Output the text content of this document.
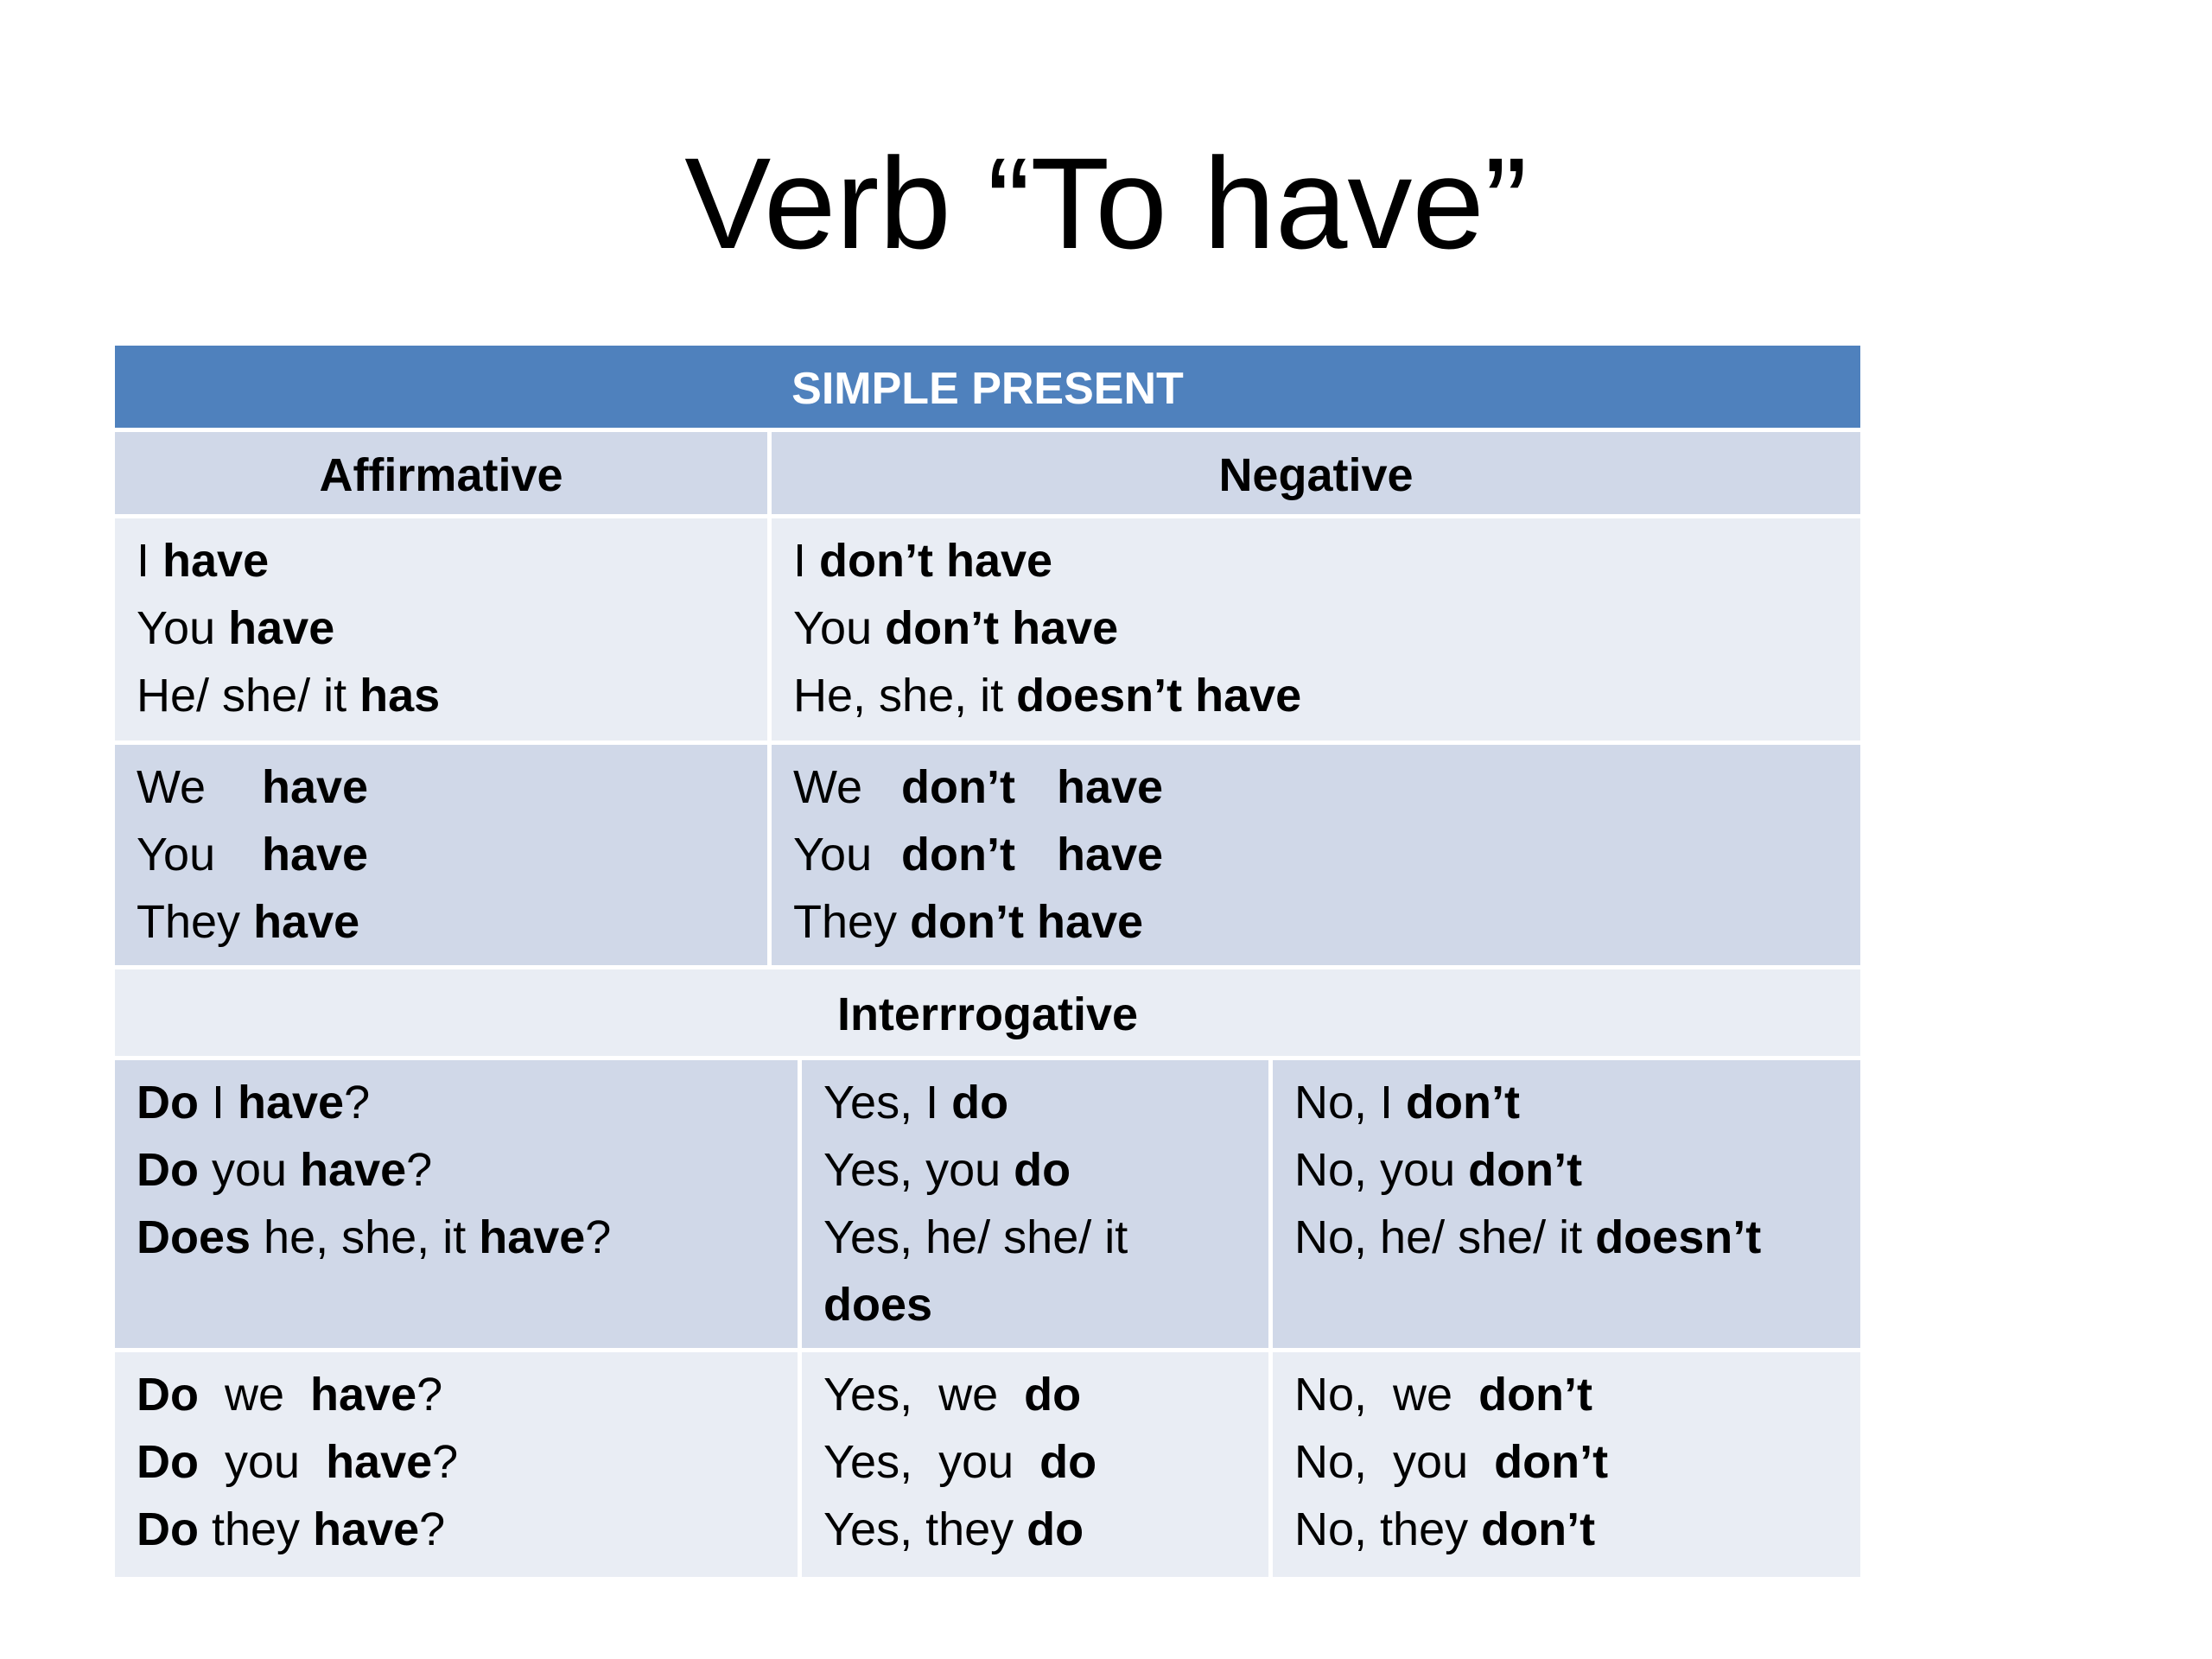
Verb “To have”
SIMPLE PRESENT
Affirmative	Negative
I have
You have
He/ she/ it has
I don’t have
You don’t have
He, she, it doesn’t have
We have
You have
They have
We don’t have
You don’t have
They don’t have
Interrrogative
Do I have?
Do you have?
Does he, she, it have?
Yes, I do
Yes, you do
Yes, he/ she/ it
does
No, I don’t
No, you don’t
No, he/ she/ it doesn’t
Do  we  have?
Do  you  have?
Do they have?
Yes,  we  do
Yes,  you  do
Yes, they do
No,  we  don’t
No,  you  don’t
No, they don’t
